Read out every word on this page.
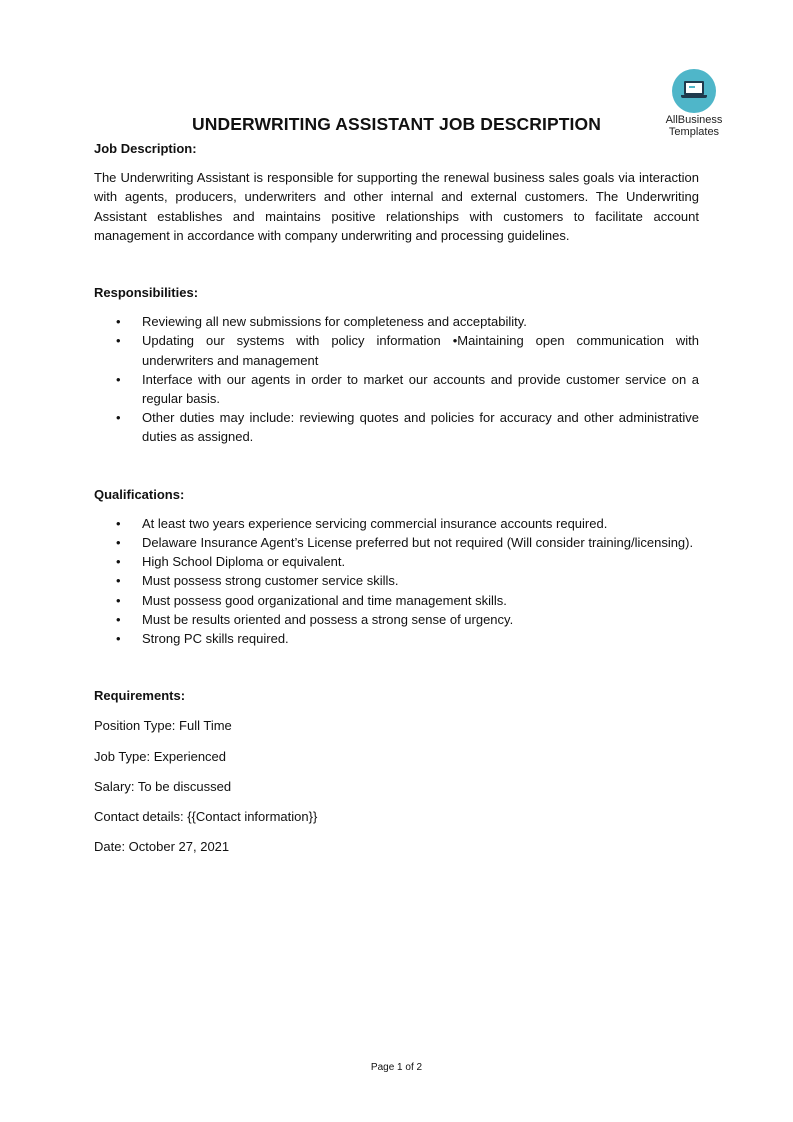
AllBusiness
Templates
UNDERWRITING ASSISTANT JOB DESCRIPTION

Job Description:

The Underwriting Assistant is responsible for supporting the renewal business sales goals via interaction with agents, producers, underwriters and other internal and external customers. The Underwriting Assistant establishes and maintains positive relationships with customers to facilitate account management in accordance with company underwriting and processing guidelines.

Responsibilities:

• Reviewing all new submissions for completeness and acceptability.
• Updating our systems with policy information •Maintaining open communication with underwriters and management
• Interface with our agents in order to market our accounts and provide customer service on a regular basis.
• Other duties may include: reviewing quotes and policies for accuracy and other administrative duties as assigned.

Qualifications:

• At least two years experience servicing commercial insurance accounts required.
• Delaware Insurance Agent’s License preferred but not required (Will consider training/licensing).
• High School Diploma or equivalent.
• Must possess strong customer service skills.
• Must possess good organizational and time management skills.
• Must be results oriented and possess a strong sense of urgency.
• Strong PC skills required.

Requirements:

Position Type: Full Time

Job Type: Experienced

Salary: To be discussed

Contact details: {{Contact information}}

Date: October 27, 2021

Page 1 of 2
